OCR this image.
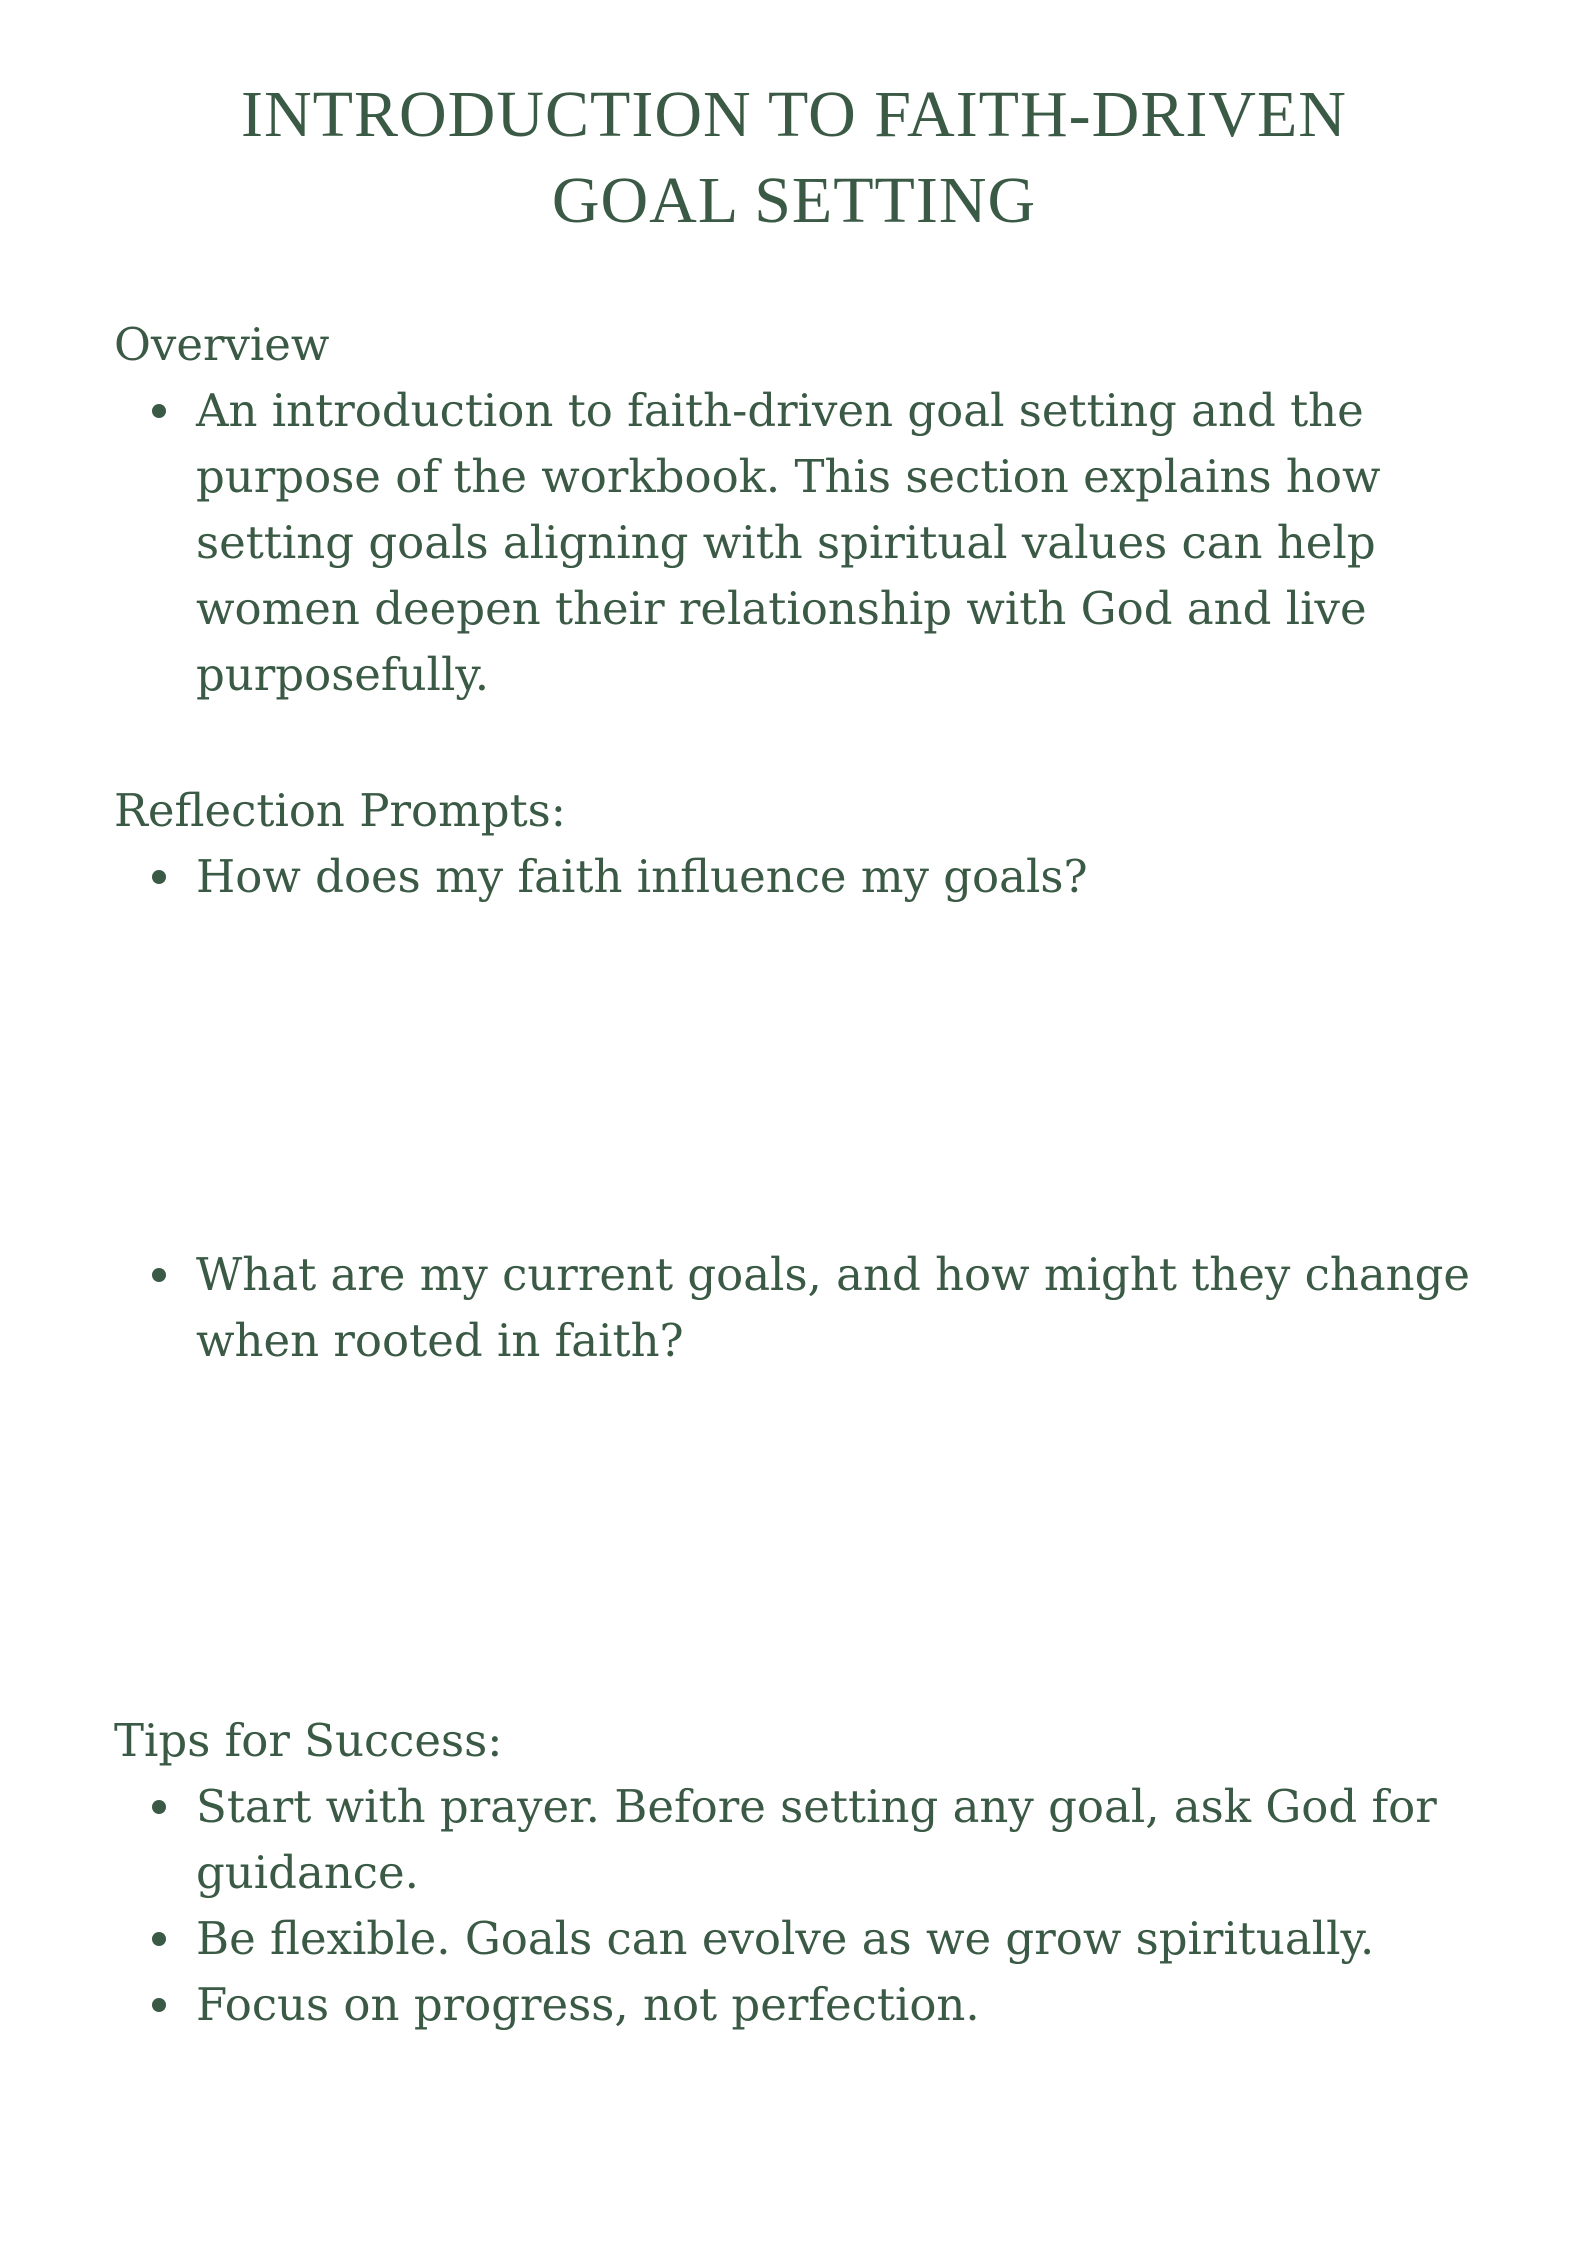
INTRODUCTION TO FAITH-DRIVEN
GOAL SETTING
Overview
An introduction to faith-driven goal setting and the purpose of the workbook. This section explains how setting goals aligning with spiritual values can help women deepen their relationship with God and live purposefully.
Reflection Prompts:
How does my faith influence my goals?
What are my current goals, and how might they change when rooted in faith?
Tips for Success:
Start with prayer. Before setting any goal, ask God for guidance.
Be flexible. Goals can evolve as we grow spiritually.
Focus on progress, not perfection.
